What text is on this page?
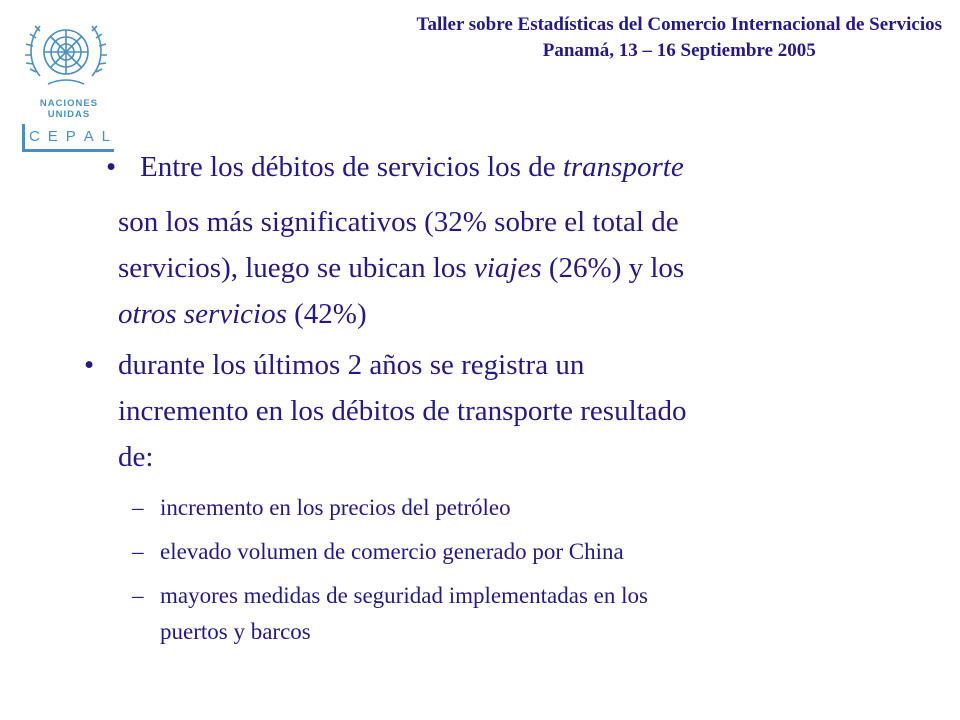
Taller sobre Estadísticas del Comercio Internacional de Servicios
Panamá, 13 – 16 Septiembre 2005
NACIONES UNIDAS
C E P A L
• Entre los débitos de servicios los de transporte
son los más significativos (32% sobre el total de
servicios), luego se ubican los viajes (26%) y los
otros servicios (42%)
• durante los últimos 2 años se registra un
incremento en los débitos de transporte resultado
de:
– incremento en los precios del petróleo
– elevado volumen de comercio generado por China
– mayores medidas de seguridad implementadas en los
puertos y barcos
